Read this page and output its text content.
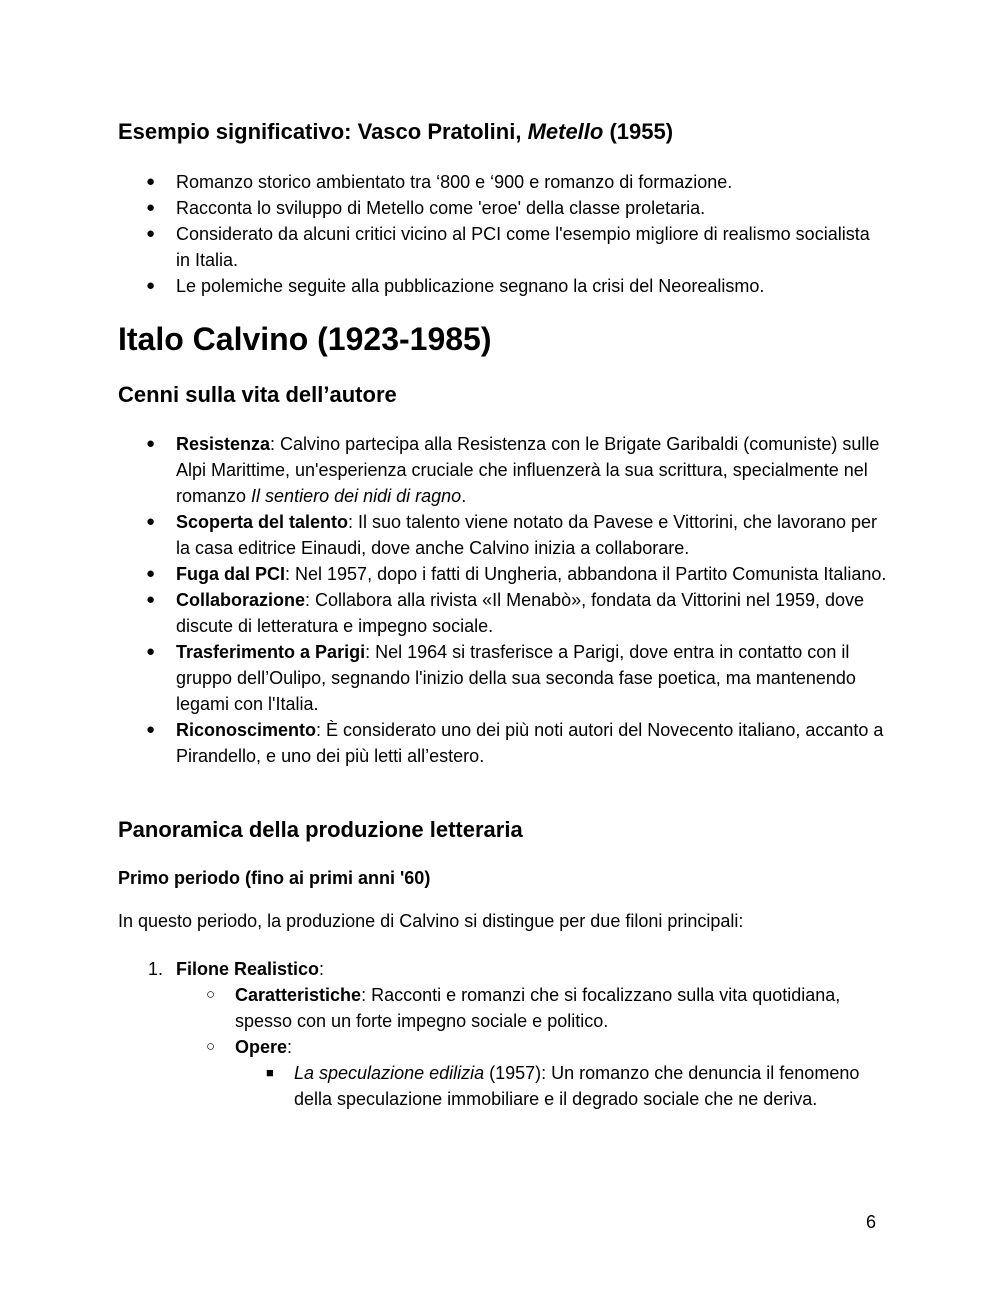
Esempio significativo: Vasco Pratolini, Metello (1955)
● Romanzo storico ambientato tra ‘800 e ‘900 e romanzo di formazione.
● Racconta lo sviluppo di Metello come 'eroe' della classe proletaria.
● Considerato da alcuni critici vicino al PCI come l'esempio migliore di realismo socialista in Italia.
● Le polemiche seguite alla pubblicazione segnano la crisi del Neorealismo.
Italo Calvino (1923-1985)
Cenni sulla vita dell’autore
● Resistenza: Calvino partecipa alla Resistenza con le Brigate Garibaldi (comuniste) sulle Alpi Marittime, un'esperienza cruciale che influenzerà la sua scrittura, specialmente nel romanzo Il sentiero dei nidi di ragno.
● Scoperta del talento: Il suo talento viene notato da Pavese e Vittorini, che lavorano per la casa editrice Einaudi, dove anche Calvino inizia a collaborare.
● Fuga dal PCI: Nel 1957, dopo i fatti di Ungheria, abbandona il Partito Comunista Italiano.
● Collaborazione: Collabora alla rivista «Il Menabò», fondata da Vittorini nel 1959, dove discute di letteratura e impegno sociale.
● Trasferimento a Parigi: Nel 1964 si trasferisce a Parigi, dove entra in contatto con il gruppo dell’Oulipo, segnando l'inizio della sua seconda fase poetica, ma mantenendo legami con l'Italia.
● Riconoscimento: È considerato uno dei più noti autori del Novecento italiano, accanto a Pirandello, e uno dei più letti all’estero.
Panoramica della produzione letteraria
Primo periodo (fino ai primi anni '60)

In questo periodo, la produzione di Calvino si distingue per due filoni principali:

1. Filone Realistico:
○ Caratteristiche: Racconti e romanzi che si focalizzano sulla vita quotidiana, spesso con un forte impegno sociale e politico.
○ Opere:
■ La speculazione edilizia (1957): Un romanzo che denuncia il fenomeno della speculazione immobiliare e il degrado sociale che ne deriva.
6
